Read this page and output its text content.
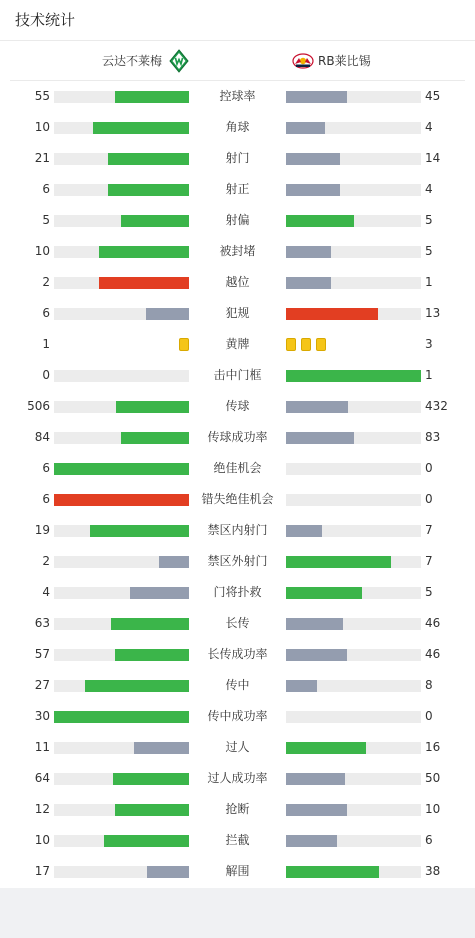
技术统计
云达不莱梅	RB莱比锡
55	控球率	45
10	角球	4
21	射门	14
6	射正	4
5	射偏	5
10	被封堵	5
2	越位	1
6	犯规	13
1	黄牌	3
0	击中门框	1
506	传球	432
84	传球成功率	83
6	绝佳机会	0
6	错失绝佳机会	0
19	禁区内射门	7
2	禁区外射门	7
4	门将扑救	5
63	长传	46
57	长传成功率	46
27	传中	8
30	传中成功率	0
11	过人	16
64	过人成功率	50
12	抢断	10
10	拦截	6
17	解围	38
